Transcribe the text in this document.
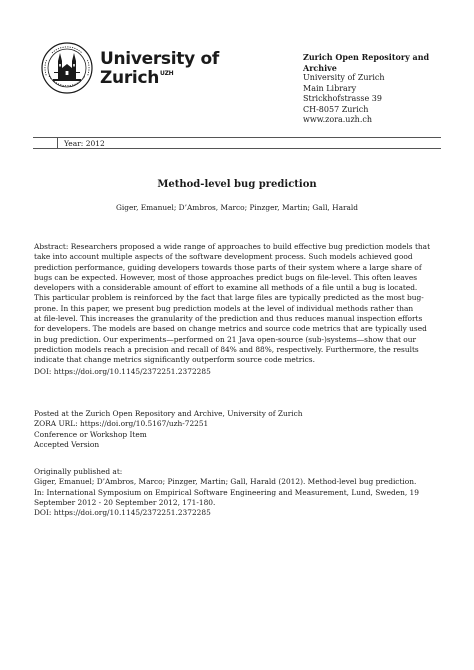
University of
Zurich$^{UZH}$
Zurich Open Repository and
Archive
University of Zurich
Main Library
Strickhofstrasse 39
CH-8057 Zurich
www.zora.uzh.ch
Year: 2012
Method-level bug prediction
Giger, Emanuel; D’Ambros, Marco; Pinzger, Martin; Gall, Harald
Abstract: Researchers proposed a wide range of approaches to build effective bug prediction models that
take into account multiple aspects of the software development process. Such models achieved good
prediction performance, guiding developers towards those parts of their system where a large share of
bugs can be expected. However, most of those approaches predict bugs on file-level. This often leaves
developers with a considerable amount of effort to examine all methods of a file until a bug is located.
This particular problem is reinforced by the fact that large files are typically predicted as the most bug-
prone. In this paper, we present bug prediction models at the level of individual methods rather than
at file-level. This increases the granularity of the prediction and thus reduces manual inspection efforts
for developers. The models are based on change metrics and source code metrics that are typically used
in bug prediction. Our experiments—performed on 21 Java open-source (sub-)systems—show that our
prediction models reach a precision and recall of 84% and 88%, respectively. Furthermore, the results
indicate that change metrics significantly outperform source code metrics.
DOI: https://doi.org/10.1145/2372251.2372285
Posted at the Zurich Open Repository and Archive, University of Zurich
ZORA URL: https://doi.org/10.5167/uzh-72251
Conference or Workshop Item
Accepted Version
Originally published at:
Giger, Emanuel; D’Ambros, Marco; Pinzger, Martin; Gall, Harald (2012). Method-level bug prediction.
In: International Symposium on Empirical Software Engineering and Measurement, Lund, Sweden, 19
September 2012 - 20 September 2012, 171-180.
DOI: https://doi.org/10.1145/2372251.2372285
